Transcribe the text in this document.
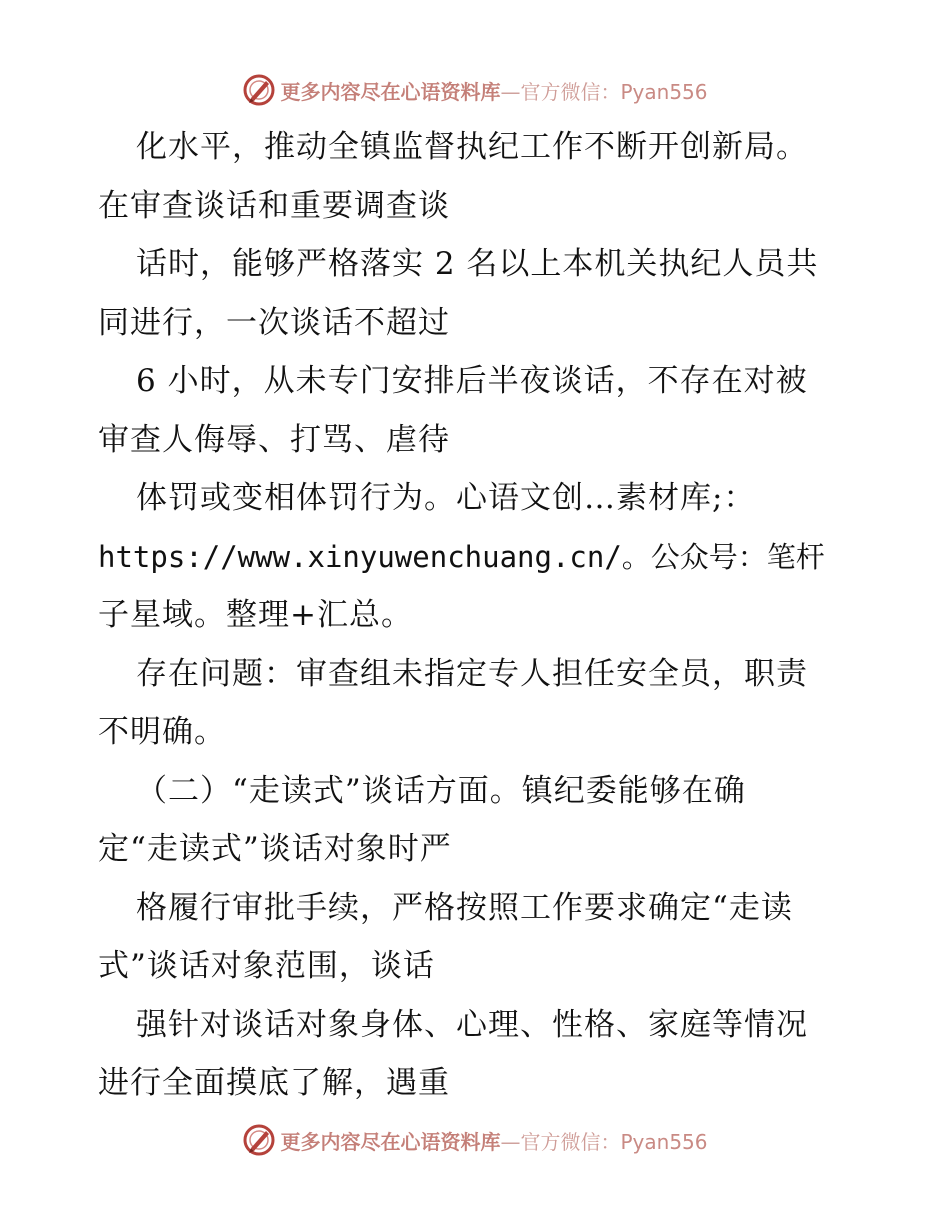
更多内容尽在心语资料库—官方微信：Pyan556
化水平，推动全镇监督执纪工作不断开创新局。
在审查谈话和重要调查谈
话时，能够严格落实 2 名以上本机关执纪人员共
同进行，一次谈话不超过
6 小时，从未专门安排后半夜谈话，不存在对被
审查人侮辱、打骂、虐待
体罚或变相体罚行为。心语文创…素材库;：
https://www.xinyuwenchuang.cn/。公众号：笔杆
子星域。整理+汇总。
存在问题：审查组未指定专人担任安全员，职责
不明确。
（二）“走读式”谈话方面。镇纪委能够在确
定“走读式”谈话对象时严
格履行审批手续，严格按照工作要求确定“走读
式”谈话对象范围，谈话
强针对谈话对象身体、心理、性格、家庭等情况
进行全面摸底了解，遇重
更多内容尽在心语资料库—官方微信：Pyan556
